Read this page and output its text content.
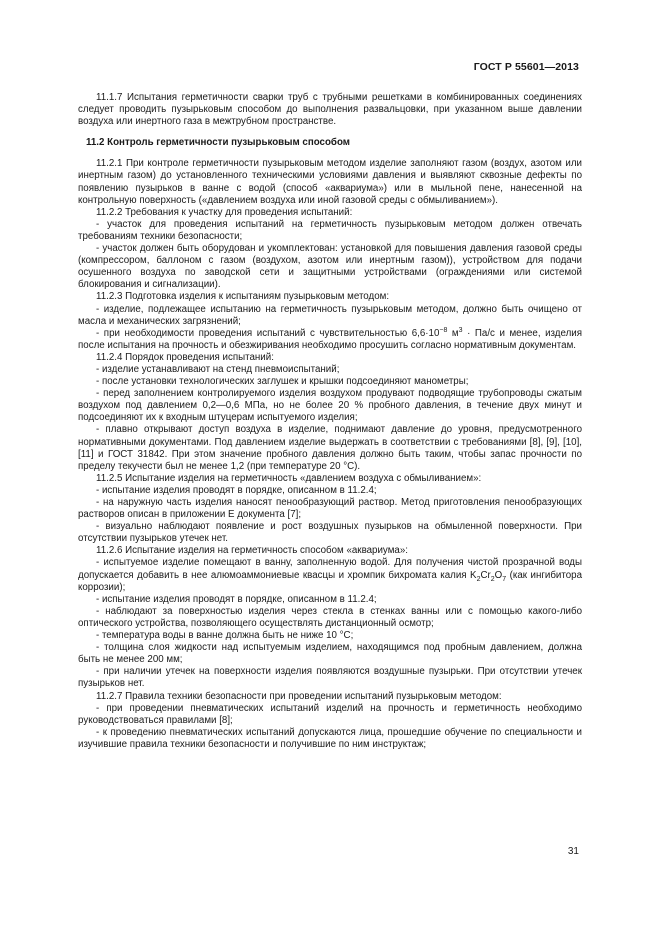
ГОСТ Р 55601—2013

11.1.7 Испытания герметичности сварки труб с трубными решетками в комбинированных соединениях следует проводить пузырьковым способом до выполнения развальцовки, при указанном выше давлении воздуха или инертного газа в межтрубном пространстве.

11.2 Контроль герметичности пузырьковым способом

11.2.1 При контроле герметичности пузырьковым методом изделие заполняют газом (воздух, азотом или инертным газом) до установленного техническими условиями давления и выявляют сквозные дефекты по появлению пузырьков в ванне с водой (способ «аквариума») или в мыльной пене, нанесенной на контрольную поверхность («давлением воздуха или иной газовой среды с обмыливанием»).

11.2.2 Требования к участку для проведения испытаний:

- участок для проведения испытаний на герметичность пузырьковым методом должен отвечать требованиям техники безопасности;

- участок должен быть оборудован и укомплектован: установкой для повышения давления газовой среды (компрессором, баллоном с газом (воздухом, азотом или инертным газом)), устройством для подачи осушенного воздуха по заводской сети и защитными устройствами (ограждениями или системой блокирования и сигнализации).

11.2.3 Подготовка изделия к испытаниям пузырьковым методом:

- изделие, подлежащее испытанию на герметичность пузырьковым методом, должно быть очищено от масла и механических загрязнений;

- при необходимости проведения испытаний с чувствительностью $6,6\cdot 10^{-8}$ $м^3 \cdot Па/с$ и менее, изделия после испытания на прочность и обезжиривания необходимо просушить согласно нормативным документам.

11.2.4 Порядок проведения испытаний:

- изделие устанавливают на стенд пневмоиспытаний;

- после установки технологических заглушек и крышки подсоединяют манометры;

- перед заполнением контролируемого изделия воздухом продувают подводящие трубопроводы сжатым воздухом под давлением 0,2—0,6 МПа, но не более 20 % пробного давления, в течение двух минут и подсоединяют их к входным штуцерам испытуемого изделия;

- плавно открывают доступ воздуха в изделие, поднимают давление до уровня, предусмотренного нормативными документами. Под давлением изделие выдержать в соответствии с требованиями [8], [9], [10], [11] и ГОСТ 31842. При этом значение пробного давления должно быть таким, чтобы запас прочности по пределу текучести был не менее 1,2 (при температуре 20 °С).

11.2.5 Испытание изделия на герметичность «давлением воздуха с обмыливанием»:

- испытание изделия проводят в порядке, описанном в 11.2.4;

- на наружную часть изделия наносят пенообразующий раствор. Метод приготовления пенообразующих растворов описан в приложении Е документа [7];

- визуально наблюдают появление и рост воздушных пузырьков на обмыленной поверхности. При отсутствии пузырьков утечек нет.

11.2.6 Испытание изделия на герметичность способом «аквариума»:

- испытуемое изделие помещают в ванну, заполненную водой. Для получения чистой прозрачной воды допускается добавить в нее алюмоаммониевые квасцы и хромпик бихромата калия $K_2Cr_2O_7$ (как ингибитора коррозии);

- испытание изделия проводят в порядке, описанном в 11.2.4;

- наблюдают за поверхностью изделия через стекла в стенках ванны или с помощью какого-либо оптического устройства, позволяющего осуществлять дистанционный осмотр;

- температура воды в ванне должна быть не ниже 10 °С;

- толщина слоя жидкости над испытуемым изделием, находящимся под пробным давлением, должна быть не менее 200 мм;

- при наличии утечек на поверхности изделия появляются воздушные пузырьки. При отсутствии утечек пузырьков нет.

11.2.7 Правила техники безопасности при проведении испытаний пузырьковым методом:

- при проведении пневматических испытаний изделий на прочность и герметичность необходимо руководствоваться правилами [8];

- к проведению пневматических испытаний допускаются лица, прошедшие обучение по специальности и изучившие правила техники безопасности и получившие по ним инструктаж;

31
